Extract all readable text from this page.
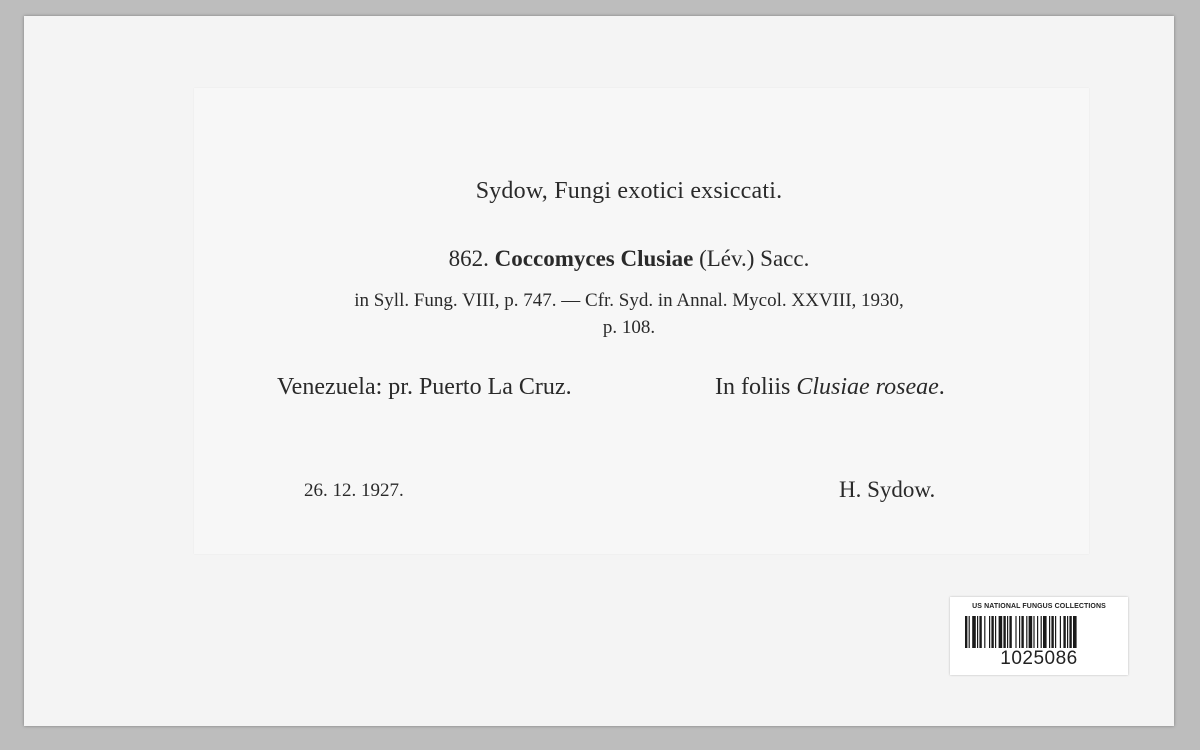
Sydow, Fungi exotici exsiccati.
862. Coccomyces Clusiae (Lév.) Sacc.
in Syll. Fung. VIII, p. 747. — Cfr. Syd. in Annal. Mycol. XXVIII, 1930,
p. 108.
Venezuela: pr. Puerto La Cruz.	In foliis Clusiae roseae.
26. 12. 1927.	H. Sydow.
US NATIONAL FUNGUS COLLECTIONS
1025086
